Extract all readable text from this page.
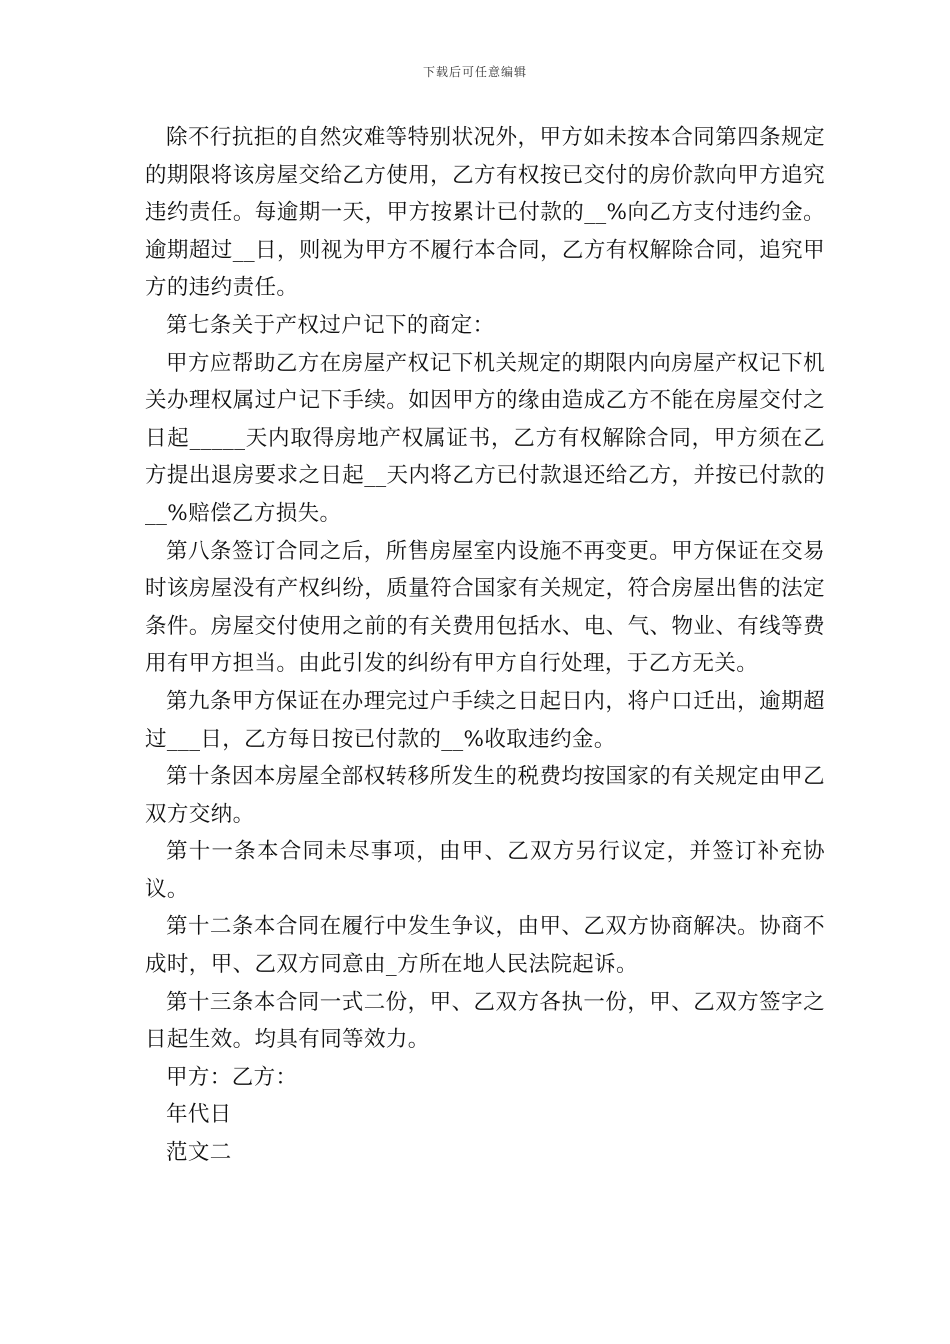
下载后可任意编辑

除不行抗拒的自然灾难等特别状况外，甲方如未按本合同第四条规定的期限将该房屋交给乙方使用，乙方有权按已交付的房价款向甲方追究违约责任。每逾期一天，甲方按累计已付款的__%向乙方支付违约金。逾期超过__日，则视为甲方不履行本合同，乙方有权解除合同，追究甲方的违约责任。

第七条关于产权过户记下的商定：

甲方应帮助乙方在房屋产权记下机关规定的期限内向房屋产权记下机关办理权属过户记下手续。如因甲方的缘由造成乙方不能在房屋交付之日起_____天内取得房地产权属证书，乙方有权解除合同，甲方须在乙方提出退房要求之日起__天内将乙方已付款退还给乙方，并按已付款的__%赔偿乙方损失。

第八条签订合同之后，所售房屋室内设施不再变更。甲方保证在交易时该房屋没有产权纠纷，质量符合国家有关规定，符合房屋出售的法定条件。房屋交付使用之前的有关费用包括水、电、气、物业、有线等费用有甲方担当。由此引发的纠纷有甲方自行处理，于乙方无关。

第九条甲方保证在办理完过户手续之日起日内，将户口迁出，逾期超过___日，乙方每日按已付款的__%收取违约金。

第十条因本房屋全部权转移所发生的税费均按国家的有关规定由甲乙双方交纳。

第十一条本合同未尽事项，由甲、乙双方另行议定，并签订补充协议。

第十二条本合同在履行中发生争议，由甲、乙双方协商解决。协商不成时，甲、乙双方同意由_方所在地人民法院起诉。

第十三条本合同一式二份，甲、乙双方各执一份，甲、乙双方签字之日起生效。均具有同等效力。

甲方：乙方：

年代日

范文二
